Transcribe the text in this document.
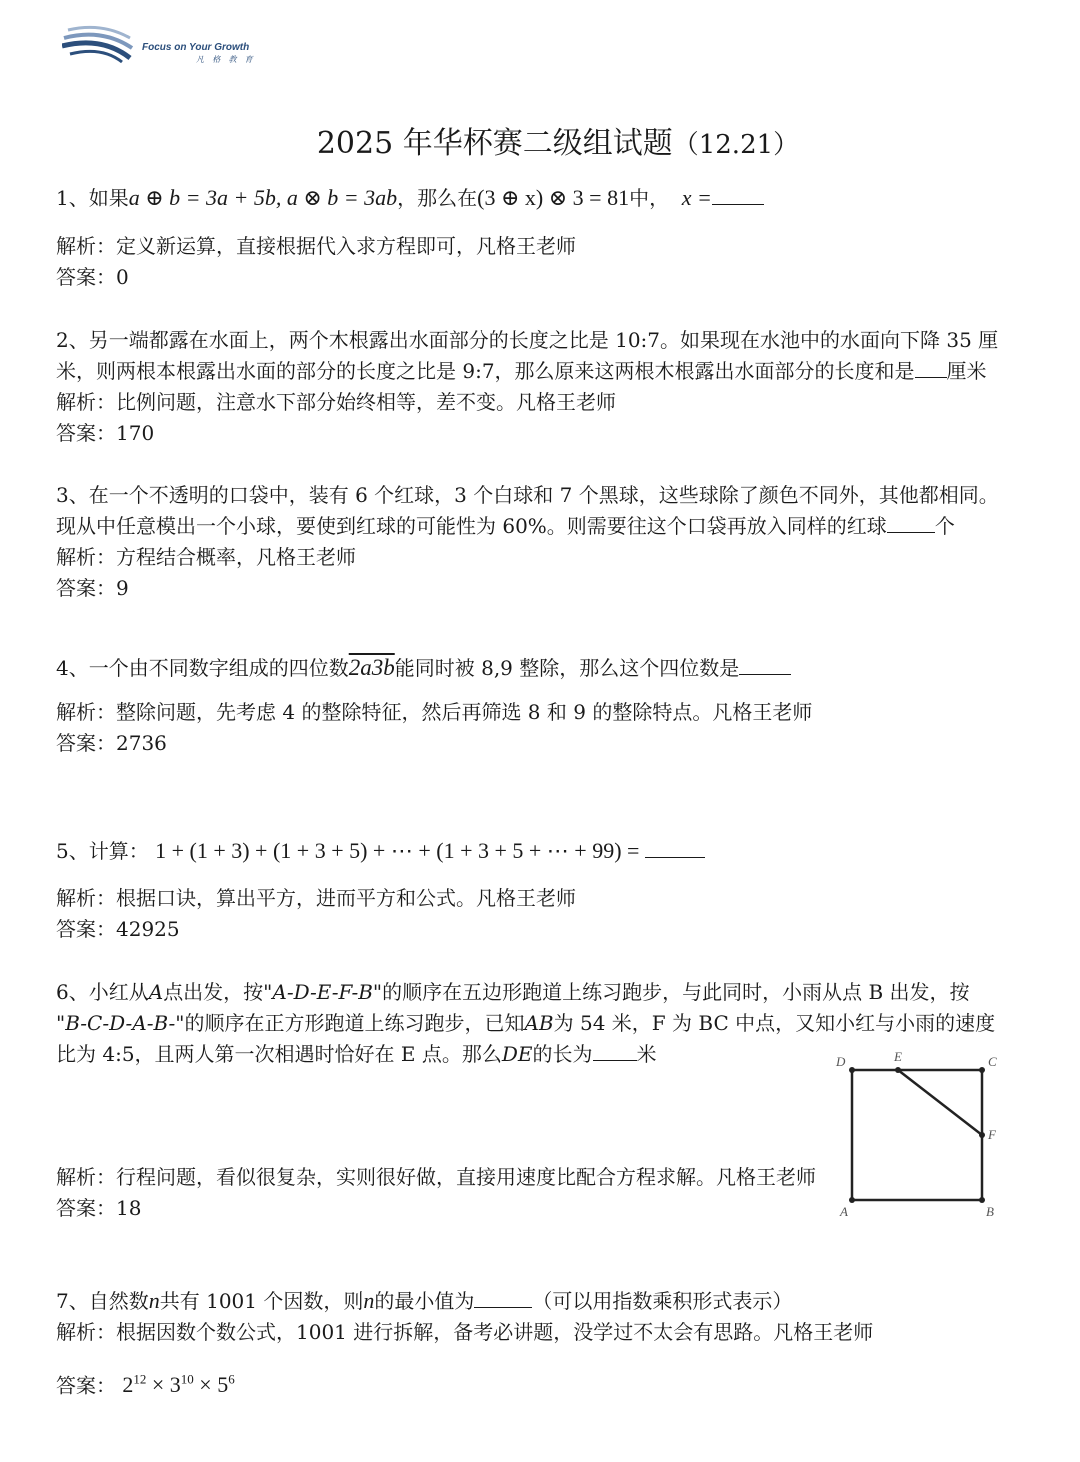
Focus on Your Growth
凡 格 教 育
2025 年华杯赛二级组试题（12.21）
1、如果a ⊕ b = 3a + 5b, a ⊗ b = 3ab，那么在(3 ⊕ x) ⊗ 3 = 81中， x =
解析：定义新运算，直接根据代入求方程即可，凡格王老师
答案：0
2、另一端都露在水面上，两个木根露出水面部分的长度之比是 10:7。如果现在水池中的水面向下降 35 厘
米，则两根本根露出水面的部分的长度之比是 9:7，那么原来这两根木根露出水面部分的长度和是 厘米
解析：比例问题，注意水下部分始终相等，差不变。凡格王老师
答案：170
3、在一个不透明的口袋中，装有 6 个红球，3 个白球和 7 个黑球，这些球除了颜色不同外，其他都相同。
现从中任意模出一个小球，要使到红球的可能性为 60%。则需要往这个口袋再放入同样的红球 个
解析：方程结合概率，凡格王老师
答案：9
4、一个由不同数字组成的四位数2a3b能同时被 8,9 整除，那么这个四位数是
解析：整除问题，先考虑 4 的整除特征，然后再筛选 8 和 9 的整除特点。凡格王老师
答案：2736
5、计算： 1 + (1 + 3) + (1 + 3 + 5) + ⋯ + (1 + 3 + 5 + ⋯ + 99) =
解析：根据口诀，算出平方，进而平方和公式。凡格王老师
答案：42925
6、小红从A点出发，按"A-D-E-F-B"的顺序在五边形跑道上练习跑步，与此同时，小雨从点 B 出发，按
"B-C-D-A-B-"的顺序在正方形跑道上练习跑步，已知AB为 54 米，F 为 BC 中点，又知小红与小雨的速度
比为 4:5，且两人第一次相遇时恰好在 E 点。那么DE的长为 米	D	E	C
F
A	B
解析：行程问题，看似很复杂，实则很好做，直接用速度比配合方程求解。凡格王老师
答案：18
7、自然数n共有 1001 个因数，则n的最小值为	（可以用指数乘积形式表示）
解析：根据因数个数公式，1001 进行拆解，备考必讲题，没学过不太会有思路。凡格王老师
答案： $2^{12} \times 3^{10} \times 5^6$
